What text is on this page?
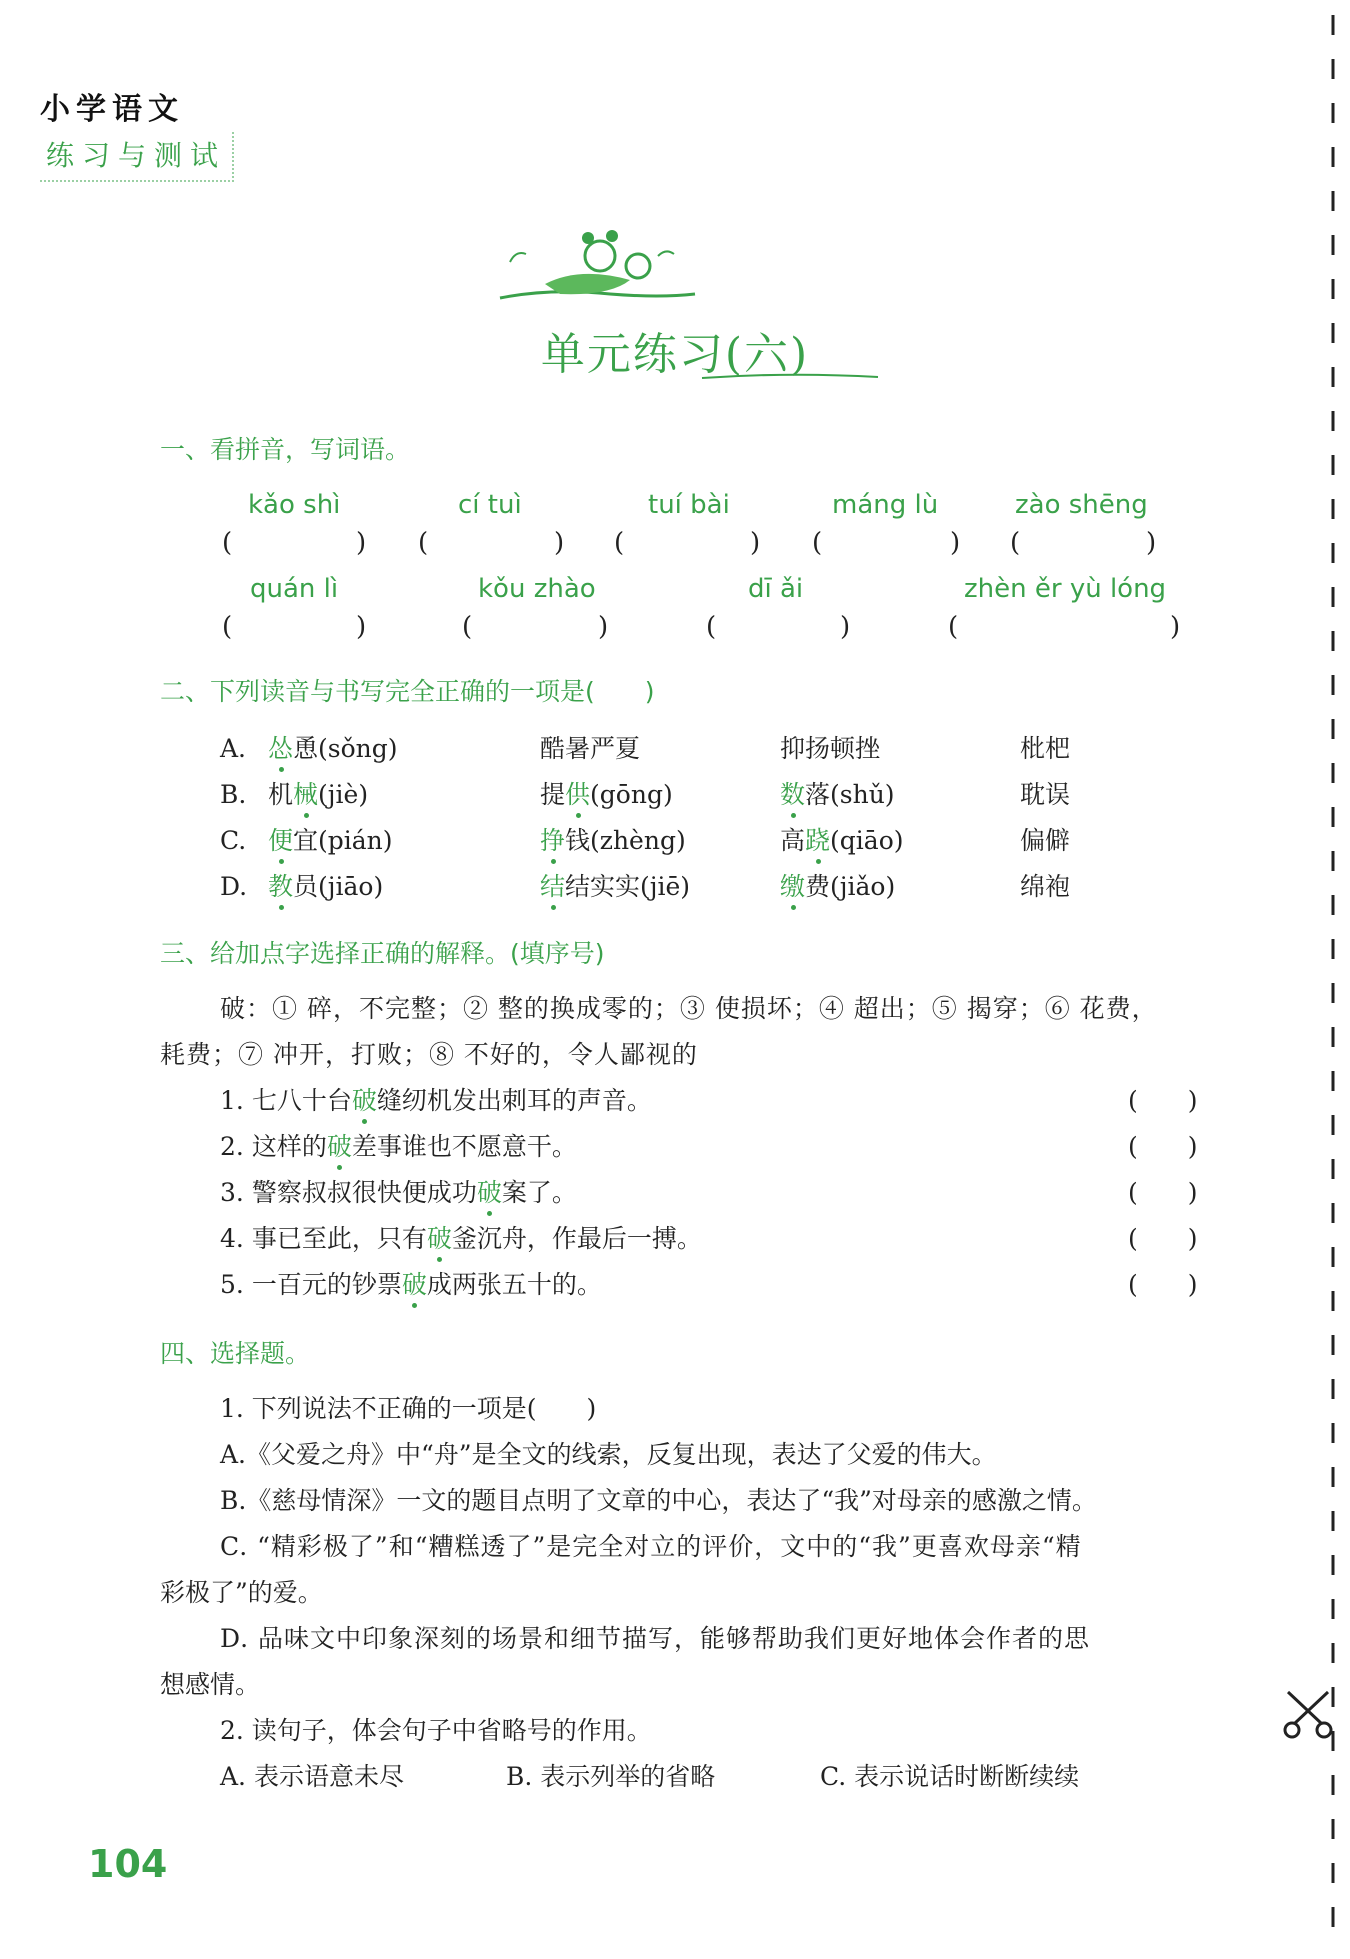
小学语文
练习与测试
单元练习(六)
一、看拼音，写词语。
kǎo shì	cí tuì	tuí bài	máng lù	zào shēng
(	) (	) (	) (	) (	)
quán lì	kǒu zhào	dī ǎi	zhèn ěr yù lóng
(	)	(	)	(	)	(	)
二、下列读音与书写完全正确的一项是(　　)
A. 怂恿(sǒng)	酷暑严夏	抑扬顿挫	枇杷
B. 机械(jiè)	提供(gōng)	数落(shǔ)	耽误
C. 便宜(pián)	挣钱(zhèng)	高跷(qiāo)	偏僻
D. 教员(jiāo)	结结实实(jiē)	缴费(jiǎo)	绵袍
三、给加点字选择正确的解释。(填序号)
破：① 碎，不完整；② 整的换成零的；③ 使损坏；④ 超出；⑤ 揭穿；⑥ 花费，
耗费；⑦ 冲开，打败；⑧ 不好的，令人鄙视的
1. 七八十台破缝纫机发出刺耳的声音。	(　　)
2. 这样的破差事谁也不愿意干。	(　　)
3. 警察叔叔很快便成功破案了。	(　　)
4. 事已至此，只有破釜沉舟，作最后一搏。	(　　)
5. 一百元的钞票破成两张五十的。	(　　)
四、选择题。
1. 下列说法不正确的一项是(　　)
A.《父爱之舟》中“舟”是全文的线索，反复出现，表达了父爱的伟大。
B.《慈母情深》一文的题目点明了文章的中心，表达了“我”对母亲的感激之情。
C. “精彩极了”和“糟糕透了”是完全对立的评价，文中的“我”更喜欢母亲“精
彩极了”的爱。
D. 品味文中印象深刻的场景和细节描写，能够帮助我们更好地体会作者的思
想感情。
2. 读句子，体会句子中省略号的作用。
A. 表示语意未尽	B. 表示列举的省略	C. 表示说话时断断续续
104
